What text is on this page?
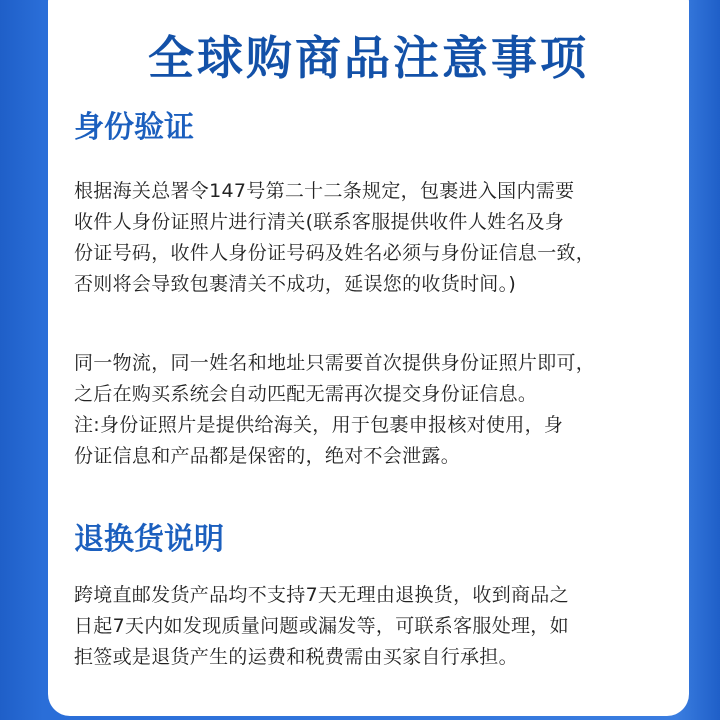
全球购商品注意事项
身份验证
根据海关总署令147号第二十二条规定，包裹进入国内需要
收件人身份证照片进行清关(联系客服提供收件人姓名及身
份证号码，收件人身份证号码及姓名必须与身份证信息一致，
否则将会导致包裹清关不成功，延误您的收货时间。)
同一物流，同一姓名和地址只需要首次提供身份证照片即可，
之后在购买系统会自动匹配无需再次提交身份证信息。
注:身份证照片是提供给海关，用于包裹申报核对使用，身
份证信息和产品都是保密的，绝对不会泄露。
退换货说明
跨境直邮发货产品均不支持7天无理由退换货，收到商品之
日起7天内如发现质量问题或漏发等，可联系客服处理，如
拒签或是退货产生的运费和税费需由买家自行承担。
